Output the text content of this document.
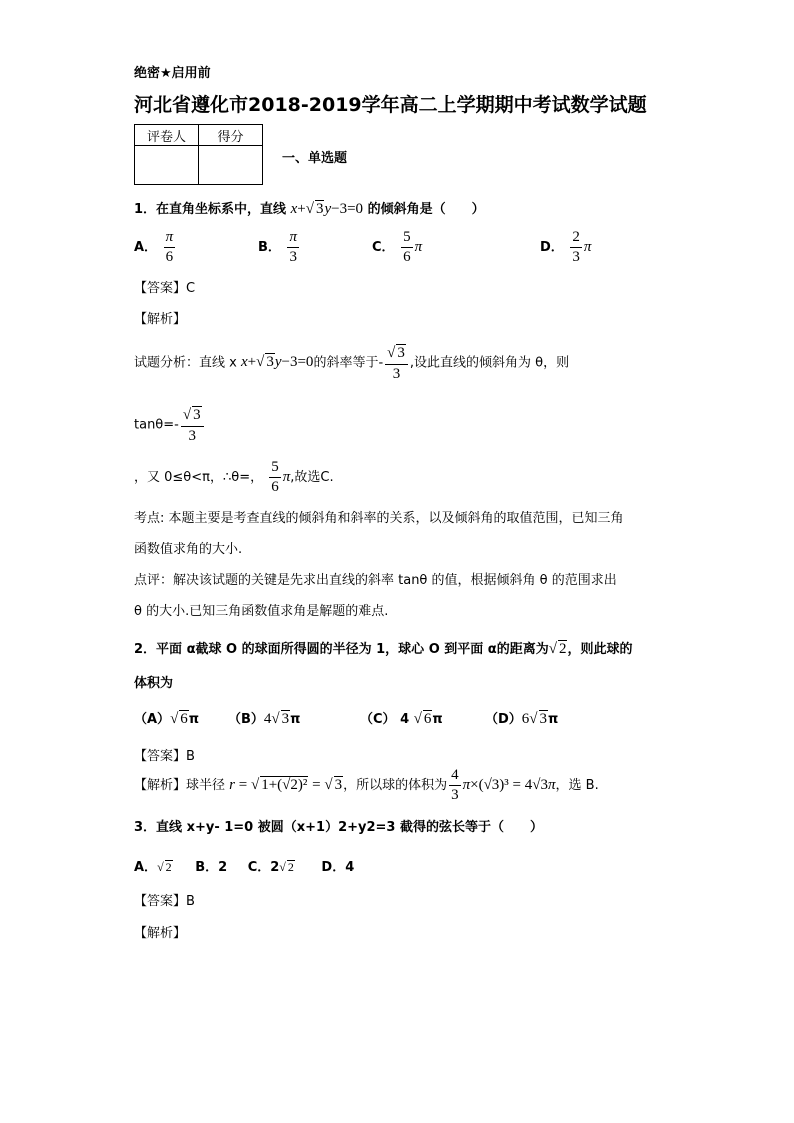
绝密★启用前
河北省遵化市2018-2019学年高二上学期期中考试数学试题
评卷人	得分

一、单选题
1．在直角坐标系中，直线 x+√ 3y−3=0 的倾斜角是（　　）
A． $\frac{\pi}{6}$	B． $\frac{\pi}{3}$	C． $\frac{5}{6}$ π	D． $\frac{2}{3}$ π
【答案】C
【解析】
试题分析：直线 x x+√ 3y−3=0的斜率等于- $\frac{√ 3}{3}$ ,设此直线的倾斜角为 θ，则
$\tan\theta=- \frac{√ 3}{3}$
，又 0≤θ<π，∴θ=， $\frac{5}{6} \pi$,故选C.
考点: 本题主要是考查直线的倾斜角和斜率的关系，以及倾斜角的取值范围，已知三角
函数值求角的大小.
点评：解决该试题的关键是先求出直线的斜率 tanθ 的值，根据倾斜角 θ 的范围求出
θ 的大小.已知三角函数值求角是解题的难点.
2．平面 α截球 O 的球面所得圆的半径为 1，球心 O 到平面 α的距离为√ 2，则此球的
体积为
（A）√ 6π （B）4√ 3π	（C） 4 √ 6π	（D）6√ 3π
【答案】B
【解析】球半径 r = √ 1+(√2)² = √ 3，所以球的体积为 $\frac{4}{3} \pi\times(√3)^3 = 4√3\pi$，选 B.
3．直线 x+y- 1=0 被圆（x+1）2+y2=3 截得的弦长等于（　　）
A．√ 2 B．2 C．2√ 2 D．4
【答案】B
【解析】
